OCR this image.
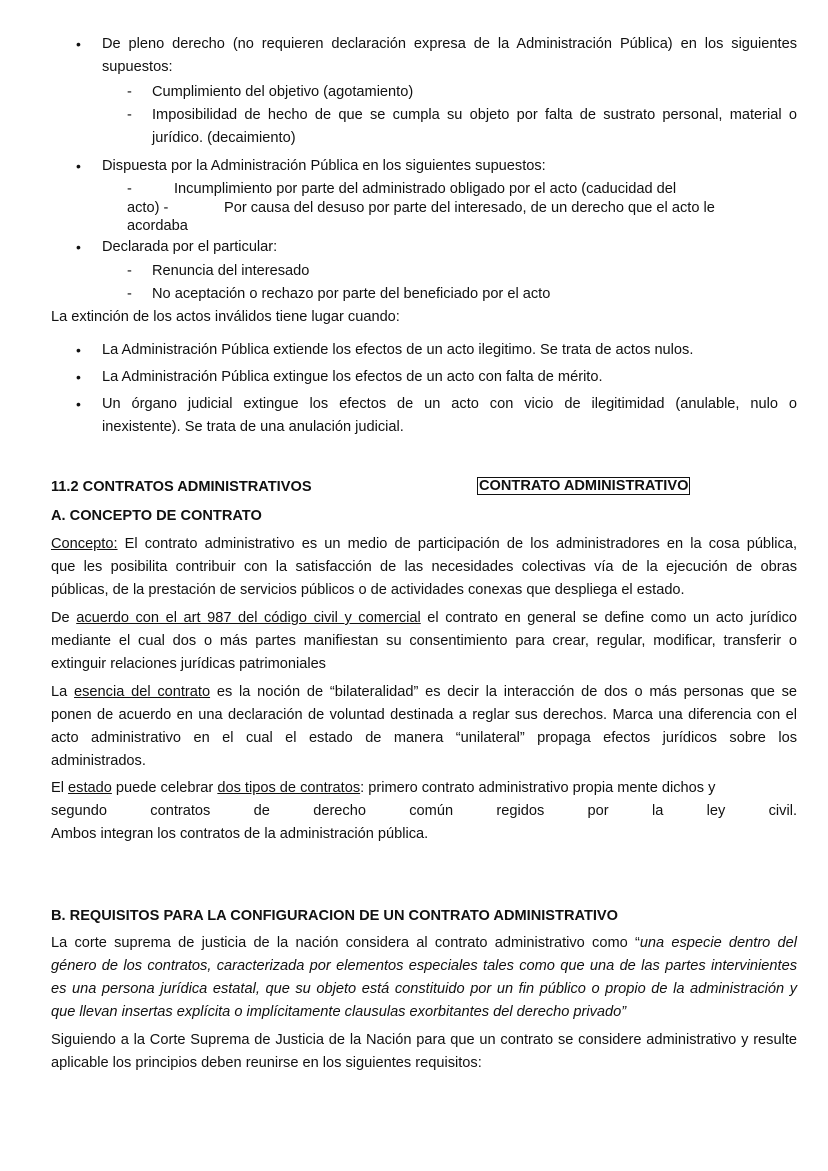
• De pleno derecho (no requieren declaración expresa de la Administración Pública) en los siguientes
supuestos:
- Cumplimiento del objetivo (agotamiento)
- Imposibilidad de hecho de que se cumpla su objeto por falta de sustrato personal, material o
jurídico. (decaimiento)
• Dispuesta por la Administración Pública en los siguientes supuestos:
-	Incumplimiento por parte del administrado obligado por el acto (caducidad del
acto) -	Por causa del desuso por parte del interesado, de un derecho que el acto le
acordaba
• Declarada por el particular:
- Renuncia del interesado
- No aceptación o rechazo por parte del beneficiado por el acto
La extinción de los actos inválidos tiene lugar cuando:
• La Administración Pública extiende los efectos de un acto ilegitimo. Se trata de actos nulos.
• La Administración Pública extingue los efectos de un acto con falta de mérito.
• Un órgano judicial extingue los efectos de un acto con vicio de ilegitimidad (anulable, nulo o
inexistente). Se trata de una anulación judicial.
11.2 CONTRATOS ADMINISTRATIVOS	CONTRATO ADMINISTRATIVO
A. CONCEPTO DE CONTRATO
Concepto: El contrato administrativo es un medio de participación de los administradores en la cosa pública,
que les posibilita contribuir con la satisfacción de las necesidades colectivas vía de la ejecución de obras
públicas, de la prestación de servicios públicos o de actividades conexas que despliega el estado.
De acuerdo con el art 987 del código civil y comercial el contrato en general se define como un acto jurídico
mediante el cual dos o más partes manifiestan su consentimiento para crear, regular, modificar, transferir o
extinguir relaciones jurídicas patrimoniales
La esencia del contrato es la noción de “bilateralidad” es decir la interacción de dos o más personas que se
ponen de acuerdo en una declaración de voluntad destinada a reglar sus derechos. Marca una diferencia con el
acto administrativo en el cual el estado de manera “unilateral” propaga efectos jurídicos sobre los
administrados.
El estado puede celebrar dos tipos de contratos: primero contrato administrativo propia mente dichos y
segundo contratos de derecho común regidos por la ley civil.
Ambos integran los contratos de la administración pública.
B. REQUISITOS PARA LA CONFIGURACION DE UN CONTRATO ADMINISTRATIVO
La corte suprema de justicia de la nación considera al contrato administrativo como “una especie dentro del
género de los contratos, caracterizada por elementos especiales tales como que una de las partes intervinientes
es una persona jurídica estatal, que su objeto está constituido por un fin público o propio de la administración y
que llevan insertas explícita o implícitamente clausulas exorbitantes del derecho privado”
Siguiendo a la Corte Suprema de Justicia de la Nación para que un contrato se considere administrativo y resulte
aplicable los principios deben reunirse en los siguientes requisitos:
